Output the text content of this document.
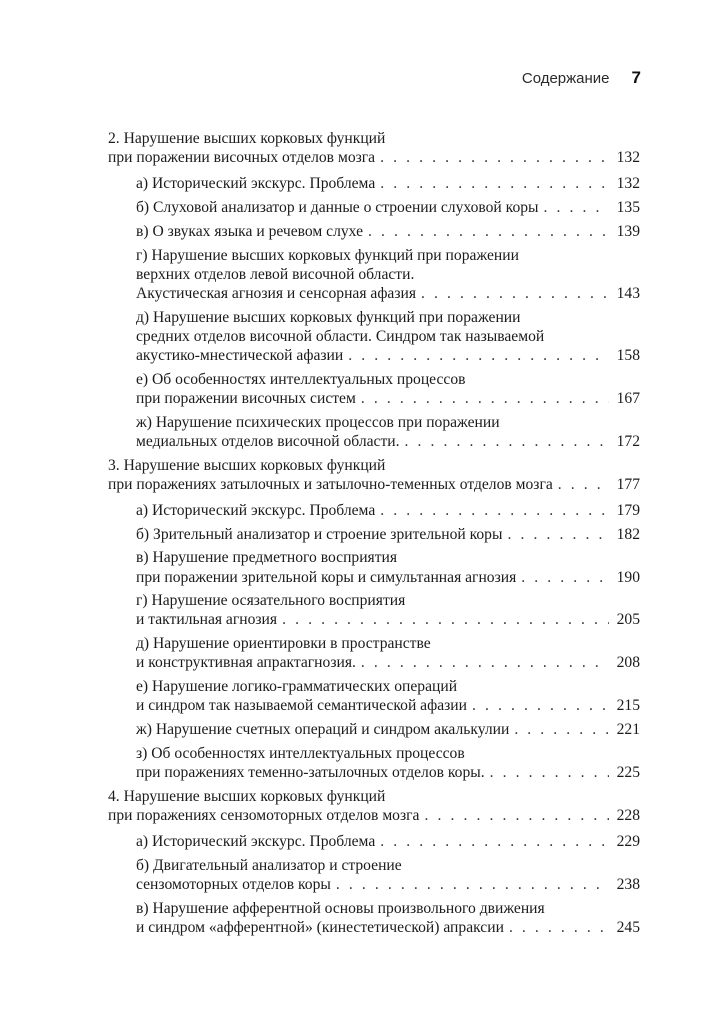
Содержание 7
2. Нарушение высших корковых функций
при поражении височных отделов мозга . . .	132
а) Исторический экскурс. Проблема . . .	132
б) Слуховой анализатор и данные о строении слуховой коры . . .	135
в) О звуках языка и речевом слухе . . .	139
г) Нарушение высших корковых функций при поражении
верхних отделов левой височной области.
Акустическая агнозия и сенсорная афазия . . .	143
д) Нарушение высших корковых функций при поражении
средних отделов височной области. Синдром так называемой
акустико-мнестической афазии . . .	158
е) Об особенностях интеллектуальных процессов
при поражении височных систем . . .	167
ж) Нарушение психических процессов при поражении
медиальных отделов височной области. . . .	172
3. Нарушение высших корковых функций
при поражениях затылочных и затылочно-теменных отделов мозга . . .	177
а) Исторический экскурс. Проблема . . .	179
б) Зрительный анализатор и строение зрительной коры . . .	182
в) Нарушение предметного восприятия
при поражении зрительной коры и симультанная агнозия . . .	190
г) Нарушение осязательного восприятия
и тактильная агнозия . . .	205
д) Нарушение ориентировки в пространстве
и конструктивная апрактагнозия. . . .	208
е) Нарушение логико-грамматических операций
и синдром так называемой семантической афазии . . .	215
ж) Нарушение счетных операций и синдром акалькулии . . .	221
з) Об особенностях интеллектуальных процессов
при поражениях теменно-затылочных отделов коры. . . .	225
4. Нарушение высших корковых функций
при поражениях сензомоторных отделов мозга . . .	228
а) Исторический экскурс. Проблема . . .	229
б) Двигательный анализатор и строение
сензомоторных отделов коры . . .	238
в) Нарушение афферентной основы произвольного движения
и синдром «афферентной» (кинестетической) апраксии . . .	245
